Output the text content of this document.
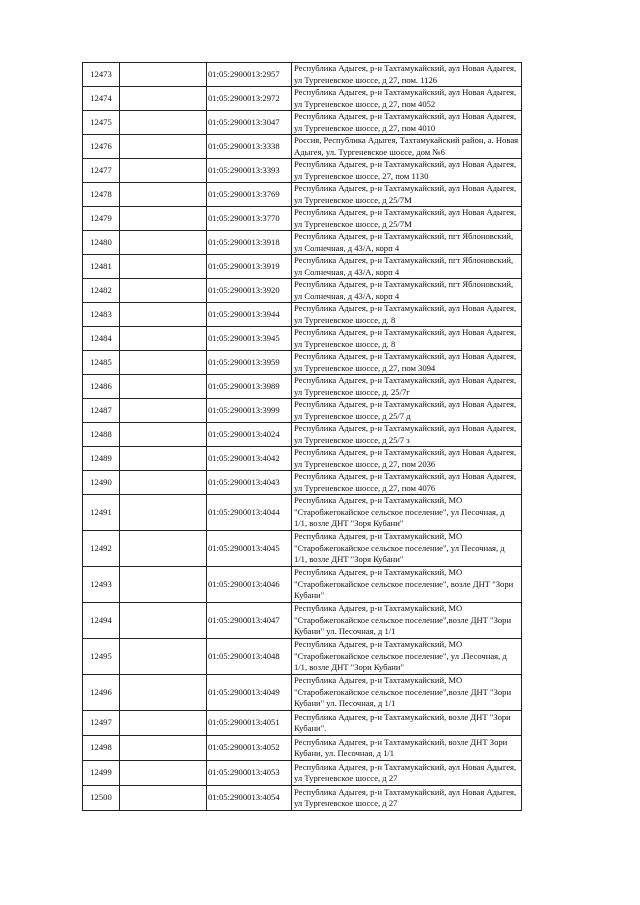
12473		01:05:2900013:2957	Республика Адыгея, р-н Тахтамукайский, аул Новая Адыгея, ул Тургеневское шоссе, д 27, пом. 1126
12474		01:05:2900013:2972	Республика Адыгея, р-н Тахтамукайский, аул Новая Адыгея, ул Тургеневское шоссе, д 27, пом 4052
12475		01:05:2900013:3047	Республика Адыгея, р-н Тахтамукайский, аул Новая Адыгея, ул Тургеневское шоссе, д 27, пом 4010
12476		01:05:2900013:3338	Россия, Республика Адыгея, Тахтамукайский район, а. Новая Адыгея, ул. Тургеневское шоссе, дом №6
12477		01:05:2900013:3393	Республика Адыгея, р-н Тахтамукайский, аул Новая Адыгея, ул Тургеневское шоссе, 27, пом 1130
12478		01:05:2900013:3769	Республика Адыгея, р-н Тахтамукайский, аул Новая Адыгея, ул Тургеневское шоссе, д 25/7М
12479		01:05:2900013:3770	Республика Адыгея, р-н Тахтамукайский, аул Новая Адыгея, ул Тургеневское шоссе, д 25/7М
12480		01:05:2900013:3918	Республика Адыгея, р-н Тахтамукайский, пгт Яблоновский, ул Солнечная, д 43/А, корп 4
12481		01:05:2900013:3919	Республика Адыгея, р-н Тахтамукайский, пгт Яблоновский, ул Солнечная, д 43/А, корп 4
12482		01:05:2900013:3920	Республика Адыгея, р-н Тахтамукайский, пгт Яблоновский, ул Солнечная, д 43/А, корп 4
12483		01:05:2900013:3944	Республика Адыгея, р-н Тахтамукайский, аул Новая Адыгея, ул Тургеневское шоссе, д. 8
12484		01:05:2900013:3945	Республика Адыгея, р-н Тахтамукайский, аул Новая Адыгея, ул Тургеневское шоссе, д. 8
12485		01:05:2900013:3959	Республика Адыгея, р-н Тахтамукайский, аул Новая Адыгея, ул Тургеневское шоссе, д 27, пом 3094
12486		01:05:2900013:3989	Республика Адыгея, р-н Тахтамукайский, аул Новая Адыгея, ул Тургеневское шоссе, д. 25/7г
12487		01:05:2900013:3999	Республика Адыгея, р-н Тахтамукайский, аул Новая Адыгея, ул Тургеневское шоссе, д 25/7 д
12488		01:05:2900013:4024	Республика Адыгея, р-н Тахтамукайский, аул Новая Адыгея, ул Тургеневское шоссе, д 25/7 з
12489		01:05:2900013:4042	Республика Адыгея, р-н Тахтамукайский, аул Новая Адыгея, ул Тургеневское шоссе, д 27, пом 2036
12490		01:05:2900013:4043	Республика Адыгея, р-н Тахтамукайский, аул Новая Адыгея, ул Тургеневское шоссе, д 27, пом 4076
12491		01:05:2900013:4044	Республика Адыгея, р-н Тахтамукайский, МО "Старобжегокайское сельское поселение", ул Песочная, д 1/1, возле ДНТ "Зоря Кубани"
12492		01:05:2900013:4045	Республика Адыгея, р-н Тахтамукайский, МО "Старобжегокайское сельское поселение", ул Песочная, д 1/1, возле ДНТ "Зоря Кубани"
12493		01:05:2900013:4046	Республика Адыгея, р-н Тахтамукайский, МО "Старобжегокайское сельское поселение", возле ДНТ "Зори Кубани"
12494		01:05:2900013:4047	Республика Адыгея, р-н Тахтамукайский, МО "Старобжегокайское сельское поселение",возле ДНТ "Зори Кубани" ул. Песочная, д 1/1
12495		01:05:2900013:4048	Республика Адыгея, р-н Тахтамукайский, МО "Старобжегокайское сельское поселение", ул .Песочная, д 1/1, возле ДНТ "Зори Кубани"
12496		01:05:2900013:4049	Республика Адыгея, р-н Тахтамукайский, МО "Старобжегокайское сельское поселение",возле ДНТ "Зори Кубани" ул. Песочная, д 1/1
12497		01:05:2900013:4051	Республика Адыгея, р-н Тахтамукайский, возле ДНТ "Зори Кубани".
12498		01:05:2900013:4052	Республика Адыгея, р-н Тахтамукайский, возле ДНТ Зори Кубани, ул. Песочная, д 1/1
12499		01:05:2900013:4053	Республика Адыгея, р-н Тахтамукайский, аул Новая Адыгея, ул Тургеневское шоссе, д 27
12500		01:05:2900013:4054	Республика Адыгея, р-н Тахтамукайский, аул Новая Адыгея, ул Тургеневское шоссе, д 27
